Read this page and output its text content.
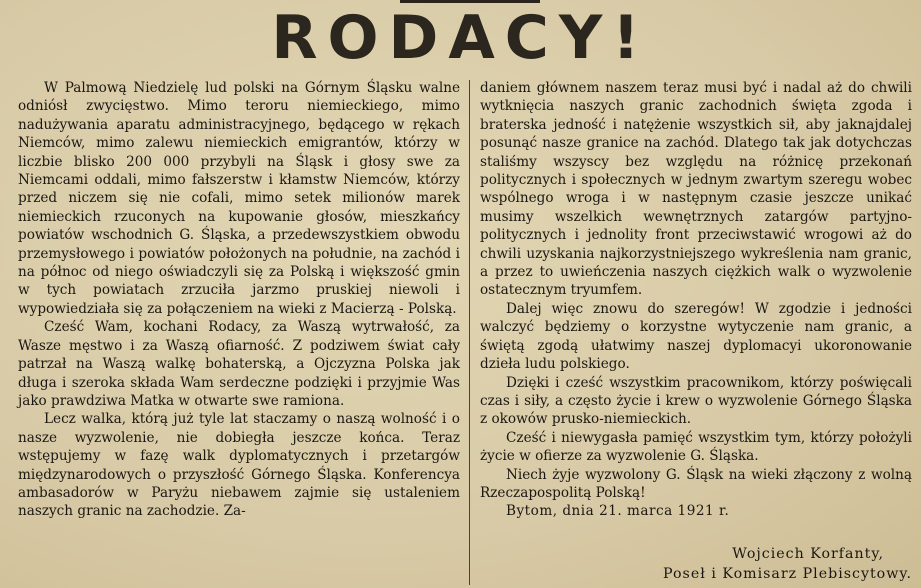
RODACY!

W Palmową Niedzielę lud polski na Górnym Śląsku walne odniósł zwycięstwo. Mimo teroru niemieckiego, mimo nadużywania aparatu administracyjnego, będącego w rękach Niemców, mimo zalewu niemieckich emigrantów, którzy w liczbie blisko 200 000 przybyli na Śląsk i głosy swe za Niemcami oddali, mimo fałszerstw i kłamstw Niemców, którzy przed niczem się nie cofali, mimo setek milionów marek niemieckich rzuconych na kupowanie głosów, mieszkańcy powiatów wschodnich G. Śląska, a przedewszystkiem obwodu przemysłowego i powiatów położonych na południe, na zachód i na północ od niego oświadczyli się za Polską i większość gmin w tych powiatach zrzuciła jarzmo pruskiej niewoli i wypowiedziała się za połączeniem na wieki z Macierzą - Polską.

Cześć Wam, kochani Rodacy, za Waszą wytrwałość, za Wasze męstwo i za Waszą ofiarność. Z podziwem świat cały patrzał na Waszą walkę bohaterską, a Ojczyzna Polska jak długa i szeroka składa Wam serdeczne podzięki i przyjmie Was jako prawdziwa Matka w otwarte swe ramiona.

Lecz walka, którą już tyle lat staczamy o naszą wolność i o nasze wyzwolenie, nie dobiegła jeszcze końca. Teraz wstępujemy w fazę walk dyplomatycznych i przetargów międzynarodowych o przyszłość Górnego Śląska. Konferencya ambasadorów w Paryżu niebawem zajmie się ustaleniem naszych granic na zachodzie. Za-

daniem głównem naszem teraz musi być i nadal aż do chwili wytknięcia naszych granic zachodnich święta zgoda i braterska jedność i natężenie wszystkich sił, aby jaknajdalej posunąć nasze granice na zachód. Dlatego tak jak dotychczas staliśmy wszyscy bez względu na różnicę przekonań politycznych i społecznych w jednym zwartym szeregu wobec wspólnego wroga i w następnym czasie jeszcze unikać musimy wszelkich wewnętrznych zatargów partyjno-politycznych i jednolity front przeciwstawić wrogowi aż do chwili uzyskania najkorzystniejszego wykreślenia nam granic, a przez to uwieńczenia naszych ciężkich walk o wyzwolenie ostatecznym tryumfem.

Dalej więc znowu do szeregów! W zgodzie i jedności walczyć będziemy o korzystne wytyczenie nam granic, a świętą zgodą ułatwimy naszej dyplomacyi ukoronowanie dzieła ludu polskiego.

Dzięki i cześć wszystkim pracownikom, którzy poświęcali czas i siły, a często życie i krew o wyzwolenie Górnego Śląska z okowów prusko-niemieckich.

Cześć i niewygasła pamięć wszystkim tym, którzy położyli życie w ofierze za wyzwolenie G. Śląska.

Niech żyje wyzwolony G. Śląsk na wieki złączony z wolną Rzeczapospolitą Polską!

Bytom, dnia 21. marca 1921 r.

Wojciech Korfanty,
Poseł i Komisarz Plebiscytowy.
